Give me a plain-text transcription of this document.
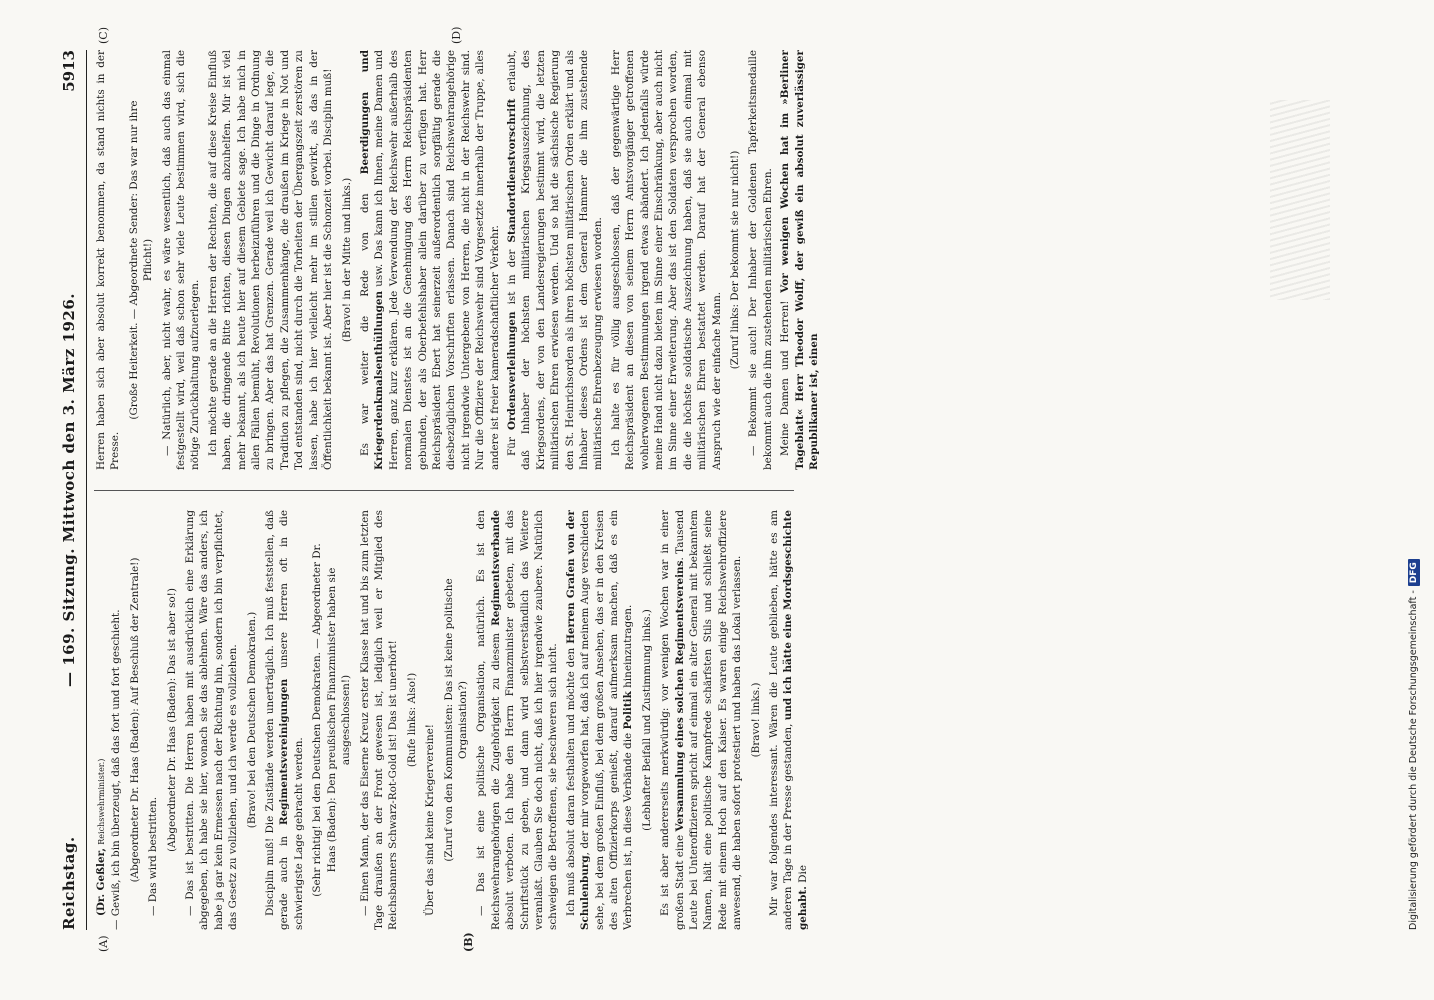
Reichstag.
— 169. Sitzung. Mittwoch den 3. März 1926.
5913
(A)	(B)
(C)	(D)

(Dr. Geßler, Reichswehrminister.) — Gewiß, ich bin überzeugt, daß das fort und fort geschieht. (Abgeordneter Dr. Haas (Baden): Auf Beschluß der Zentrale!) — Das wird bestritten.

(Abgeordneter Dr. Haas (Baden): Das ist aber so!) — Das ist bestritten. Die Herren haben mit ausdrücklich eine Erklärung abgegeben, ich habe sie hier, wonach sie das ablehnen. Wäre das anders, ich habe ja gar kein Ermessen nach der Richtung hin, sondern ich bin verpflichtet, das Gesetz zu vollziehen, und ich werde es vollziehen. (Bravo! bei den Deutschen Demokraten.) Disciplin muß! Die Zustände werden unerträglich. Ich muß feststellen, daß gerade auch in Regimentsvereinigungen unsere Herren oft in die schwierigste Lage gebracht werden. (Sehr richtig! bei den Deutschen Demokraten. — Abgeordneter Dr. Haas (Baden): Den preußischen Finanzminister haben sie ausgeschlossen!) — Einen Mann, der das Eiserne Kreuz erster Klasse hat und bis zum letzten Tage draußen an der Front gewesen ist, lediglich weil er Mitglied des Reichsbanners Schwarz-Rot-Gold ist! Das ist unerhört! (Rufe links: Also!)

Über das sind keine Kriegervereine! (Zuruf von den Kommunisten: Das ist keine politische Organisation?) — Das ist eine politische Organisation, natürlich. Es ist den Reichswehrangehörigen die Zugehörigkeit zu diesem Regimentsverbande absolut verboten. Ich habe den Herrn Finanzminister gebeten, mit das Schriftstück zu geben, und dann wird selbstverständlich das Weitere veranlaßt. Glauben Sie doch nicht, daß ich hier irgendwie zaubere. Natürlich schweigen die Betroffenen, sie beschweren sich nicht. Ich muß absolut daran festhalten und möchte den Herren Grafen von der Schulenburg, der mir vorgeworfen hat, daß ich auf meinem Auge verschieden sehe, bei dem großen Einfluß, bei dem großen Ansehen, das er in den Kreisen des alten Offizierkorps genießt, darauf aufmerksam machen, daß es ein Verbrechen ist, in diese Verbände die Politik hineinzutragen. (Lebhafter Beifall und Zustimmung links.) Es ist aber andererseits merkwürdig: vor wenigen Wochen war in einer großen Stadt eine Versammlung eines solchen Regimentsvereins. Tausend Leute bei Unteroffizieren spricht auf einmal ein alter General mit bekanntem Namen, hält eine politische Kampfrede schärfsten Stils und schließt seine Rede mit einem Hoch auf den Kaiser. Es waren einige Reichswehroffiziere anwesend, die haben sofort protestiert und haben das Lokal verlassen. (Bravo! links.) Mir war folgendes interessant. Wären die Leute geblieben, hätte es am anderen Tage in der Presse gestanden, und ich hätte eine Mordsgeschichte gehabt. Die

Herren haben sich aber absolut korrekt benommen, da stand nichts in der Presse.

(Große Heiterkeit. — Abgeordnete Sender: Das war nur ihre Pflicht!) — Natürlich, aber, nicht wahr, es wäre wesentlich, daß auch das einmal festgestellt wird, weil daß schon sehr viele Leute bestimmen wird, sich die nötige Zurückhaltung aufzuerlegen. Ich möchte gerade an die Herren der Rechten, die auf diese Kreise Einfluß haben, die dringende Bitte richten, diesen Dingen abzuhelfen. Mir ist viel mehr bekannt, als ich heute hier auf diesem Gebiete sage. Ich habe mich in allen Fällen bemüht, Revolutionen herbeizuführen und die Dinge in Ordnung zu bringen. Aber das hat Grenzen. Gerade weil ich Gewicht darauf lege, die Tradition zu pflegen, die Zusammenhänge, die draußen im Kriege in Not und Tod entstanden sind, nicht durch die Torheiten der Übergangszeit zerstören zu lassen, habe ich hier vielleicht mehr im stillen gewirkt, als das in der Öffentlichkeit bekannt ist. Aber hier ist die Schonzeit vorbei. Disciplin muß! (Bravo! in der Mitte und links.) Es war weiter die Rede von den Beerdigungen und Kriegerdenkmalsenthüllungen usw. Das kann ich Ihnen, meine Damen und Herren, ganz kurz erklären. Jede Verwendung der Reichswehr außerhalb des normalen Dienstes ist an die Genehmigung des Herrn Reichspräsidenten gebunden, der als Oberbefehlshaber allein darüber zu verfügen hat. Herr Reichspräsident Ebert hat seinerzeit außerordentlich sorgfältig gerade die diesbezüglichen Vorschriften erlassen. Danach sind Reichswehrangehörige nicht irgendwie Untergebene von Herren, die nicht in der Reichswehr sind. Nur die Offiziere der Reichswehr sind Vorgesetzte innerhalb der Truppe, alles andere ist freier kameradschaftlicher Verkehr. Für Ordensverleihungen ist in der Standortdienstvorschrift erlaubt, daß Inhaber der höchsten militärischen Kriegsauszeichnung, des Kriegsordens, der von den Landesregierungen bestimmt wird, die letzten militärischen Ehren erwiesen werden. Und so hat die sächsische Regierung den St. Heinrichsorden als ihren höchsten militärischen Orden erklärt und als Inhaber dieses Ordens ist dem General Hammer die ihm zustehende militärische Ehrenbezeugung erwiesen worden. Ich halte es für völlig ausgeschlossen, daß der gegenwärtige Herr Reichspräsident an diesen von seinem Herrn Amtsvorgänger getroffenen wohlerwogenen Bestimmungen irgend etwas abändert. Ich jedenfalls würde meine Hand nicht dazu bieten im Sinne einer Einschränkung, aber auch nicht im Sinne einer Erweiterung. Aber das ist den Soldaten versprochen worden, die die höchste soldatische Auszeichnung haben, daß sie auch einmal mit militärischen Ehren bestattet werden. Darauf hat der General ebenso Anspruch wie der einfache Mann.

(Zuruf links: Der bekommt sie nur nicht!) — Bekommt sie auch! Der Inhaber der Goldenen Tapferkeitsmedaille bekommt auch die ihm zustehenden militärischen Ehren. Meine Damen und Herren! Vor wenigen Wochen hat im »Berliner Tageblatt« Herr Theodor Wolff, der gewiß ein absolut zuverlässiger Republikaner ist, einen

Digitalisierung gefördert durch die Deutsche Forschungsgemeinschaft -DFG
